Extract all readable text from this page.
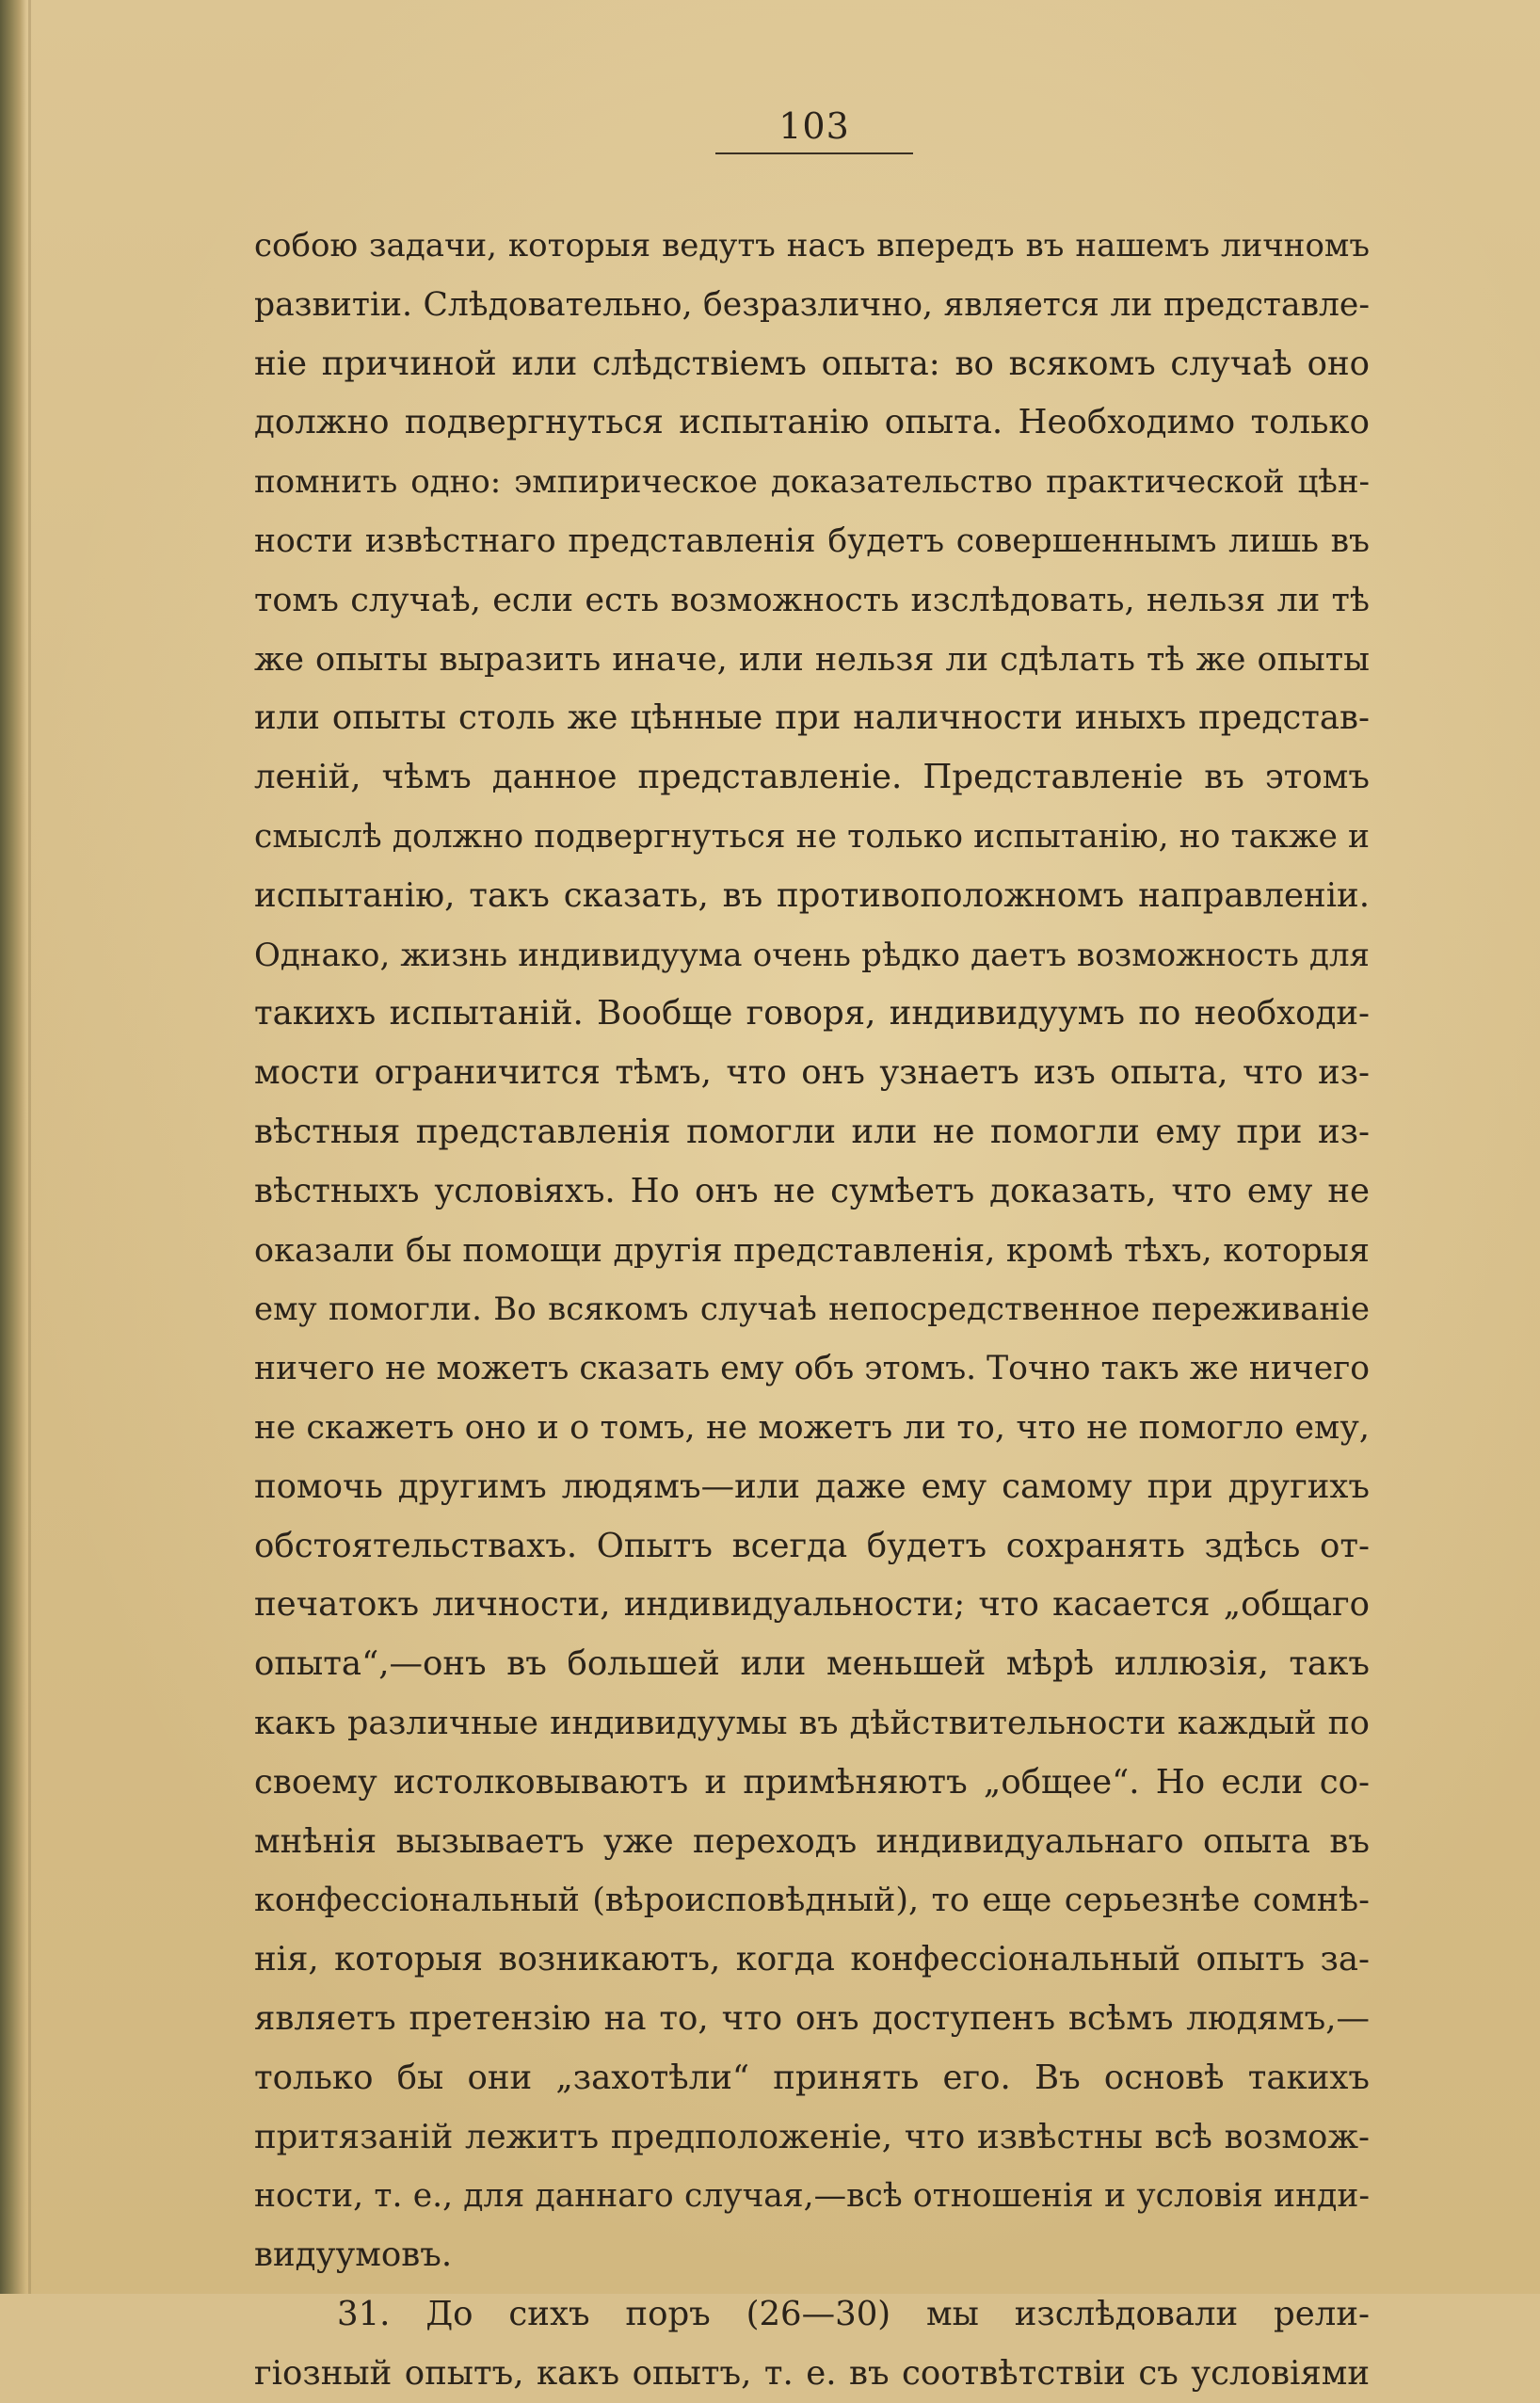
103
собою задачи, которыя ведутъ насъ впередъ въ нашемъ личномъ
развитіи. Слѣдовательно, безразлично, является ли представле-
ніе причиной или слѣдствіемъ опыта: во всякомъ случаѣ оно
должно подвергнуться испытанію опыта. Необходимо только
помнить одно: эмпирическое доказательство практической цѣн-
ности извѣстнаго представленія будетъ совершеннымъ лишь въ
томъ случаѣ, если есть возможность изслѣдовать, нельзя ли тѣ
же опыты выразить иначе, или нельзя ли сдѣлать тѣ же опыты
или опыты столь же цѣнные при наличности иныхъ представ-
леній, чѣмъ данное представленіе. Представленіе въ этомъ
смыслѣ должно подвергнуться не только испытанію, но также и
испытанію, такъ сказать, въ противоположномъ направленіи.
Однако, жизнь индивидуума очень рѣдко даетъ возможность для
такихъ испытаній. Вообще говоря, индивидуумъ по необходи-
мости ограничится тѣмъ, что онъ узнаетъ изъ опыта, что из-
вѣстныя представленія помогли или не помогли ему при из-
вѣстныхъ условіяхъ. Но онъ не сумѣетъ доказать, что ему не
оказали бы помощи другія представленія, кромѣ тѣхъ, которыя
ему помогли. Во всякомъ случаѣ непосредственное переживаніе
ничего не можетъ сказать ему объ этомъ. Точно такъ же ничего
не скажетъ оно и о томъ, не можетъ ли то, что не помогло ему,
помочь другимъ людямъ—или даже ему самому при другихъ
обстоятельствахъ. Опытъ всегда будетъ сохранять здѣсь от-
печатокъ личности, индивидуальности; что касается „общаго
опыта“,—онъ въ большей или меньшей мѣрѣ иллюзія, такъ
какъ различные индивидуумы въ дѣйствительности каждый по
своему истолковываютъ и примѣняютъ „общее“. Но если со-
мнѣнія вызываетъ уже переходъ индивидуальнаго опыта въ
конфессіональный (вѣроисповѣдный), то еще серьезнѣе сомнѣ-
нія, которыя возникаютъ, когда конфессіональный опытъ за-
являетъ претензію на то, что онъ доступенъ всѣмъ людямъ,—
только бы они „захотѣли“ принять его. Въ основѣ такихъ
притязаній лежитъ предположеніе, что извѣстны всѣ возмож-
ности, т. е., для даннаго случая,—всѣ отношенія и условія инди-
видуумовъ.
31. До сихъ поръ (26—30) мы изслѣдовали рели-
гіозный опытъ, какъ опытъ, т. е. въ соотвѣтствіи съ условіями
